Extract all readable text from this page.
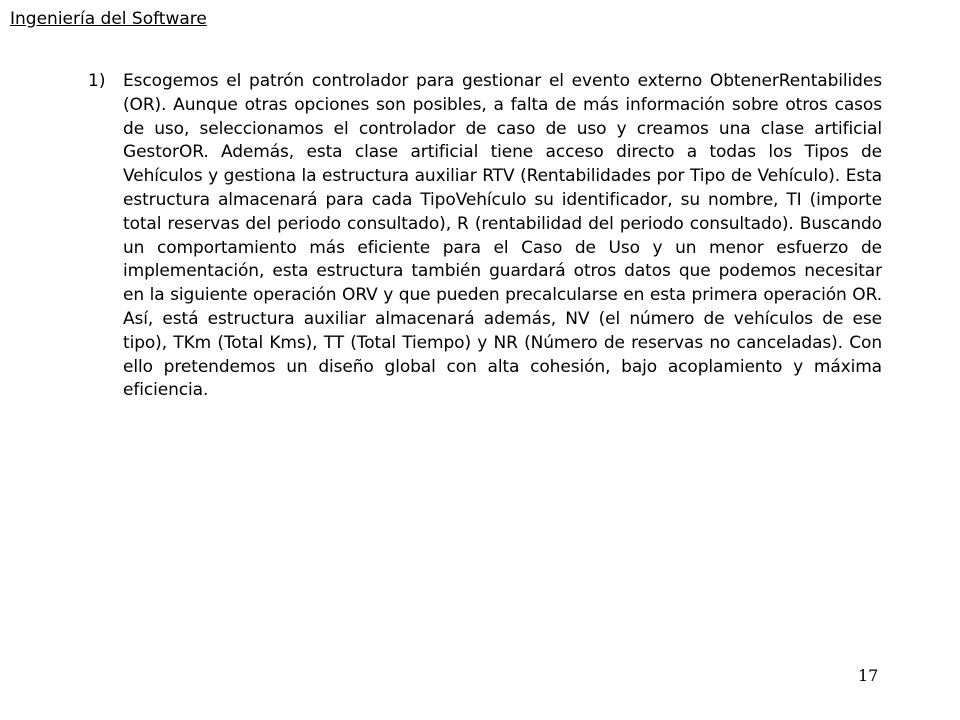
Ingeniería del Software
1) Escogemos el patrón controlador para gestionar el evento externo ObtenerRentabilides (OR). Aunque otras opciones son posibles, a falta de más información sobre otros casos de uso, seleccionamos el controlador de caso de uso y creamos una clase artificial GestorOR. Además, esta clase artificial tiene acceso directo a todas los Tipos de Vehículos y gestiona la estructura auxiliar RTV (Rentabilidades por Tipo de Vehículo). Esta estructura almacenará para cada TipoVehículo su identificador, su nombre, TI (importe total reservas del periodo consultado), R (rentabilidad del periodo consultado). Buscando un comportamiento más eficiente para el Caso de Uso y un menor esfuerzo de implementación, esta estructura también guardará otros datos que podemos necesitar en la siguiente operación ORV y que pueden precalcularse en esta primera operación OR. Así, está estructura auxiliar almacenará además, NV (el número de vehículos de ese tipo), TKm (Total Kms), TT (Total Tiempo) y NR (Número de reservas no canceladas). Con ello pretendemos un diseño global con alta cohesión, bajo acoplamiento y máxima eficiencia.
17
